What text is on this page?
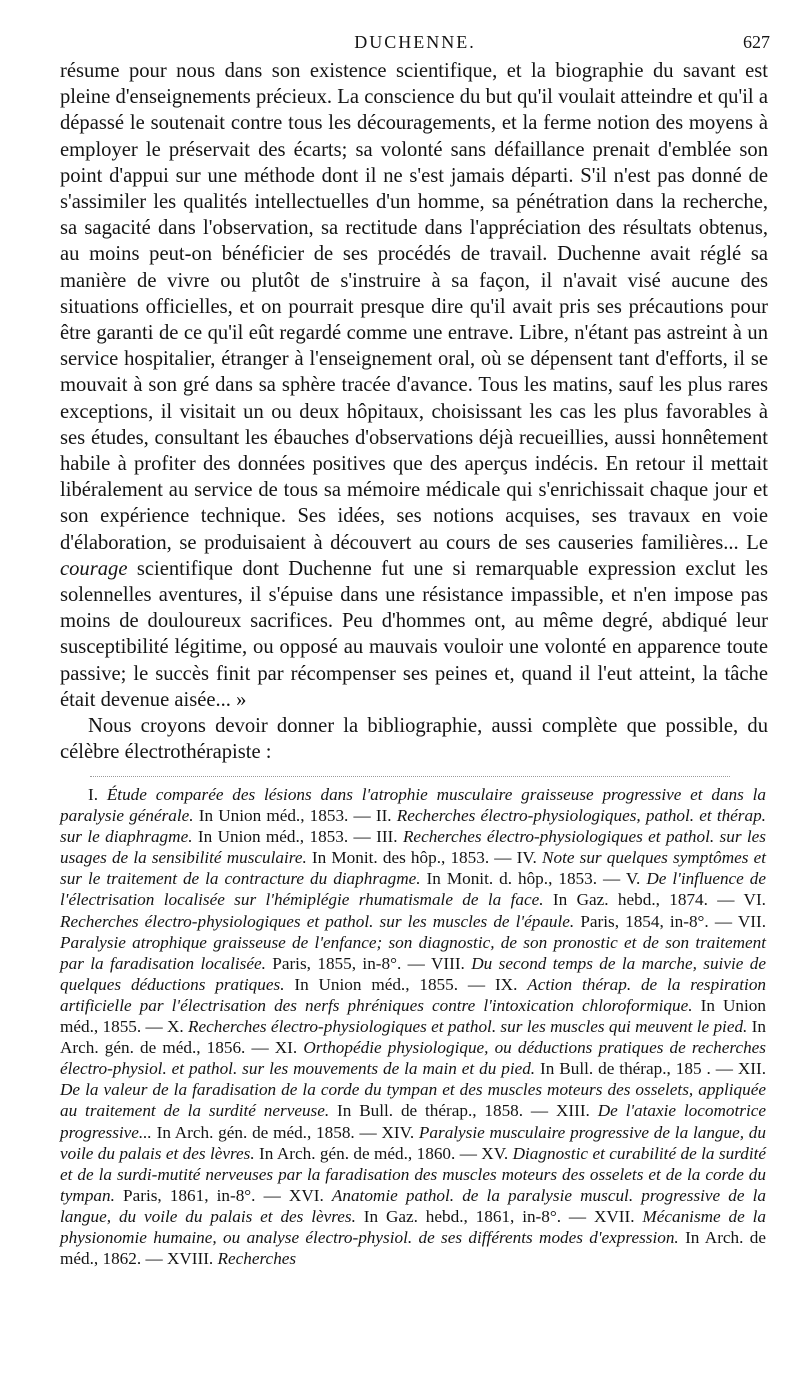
DUCHENNE.	627

résume pour nous dans son existence scientifique, et la biographie du savant est pleine d'enseignements précieux. La conscience du but qu'il voulait atteindre et qu'il a dépassé le soutenait contre tous les découragements, et la ferme notion des moyens à employer le préservait des écarts; sa volonté sans défaillance prenait d'emblée son point d'appui sur une méthode dont il ne s'est jamais départi. S'il n'est pas donné de s'assimiler les qualités intellectuelles d'un homme, sa pénétration dans la recherche, sa sagacité dans l'observation, sa rectitude dans l'appréciation des résultats obtenus, au moins peut-on bénéficier de ses procédés de travail. Duchenne avait réglé sa manière de vivre ou plutôt de s'instruire à sa façon, il n'avait visé aucune des situations officielles, et on pourrait presque dire qu'il avait pris ses précautions pour être garanti de ce qu'il eût regardé comme une entrave. Libre, n'étant pas astreint à un service hospitalier, étranger à l'enseignement oral, où se dépensent tant d'efforts, il se mouvait à son gré dans sa sphère tracée d'avance. Tous les matins, sauf les plus rares exceptions, il visitait un ou deux hôpitaux, choisissant les cas les plus favorables à ses études, consultant les ébauches d'observations déjà recueillies, aussi honnêtement habile à profiter des données positives que des aperçus indécis. En retour il mettait libéralement au service de tous sa mémoire médicale qui s'enrichissait chaque jour et son expérience technique. Ses idées, ses notions acquises, ses travaux en voie d'élaboration, se produisaient à découvert au cours de ses causeries familières... Le courage scientifique dont Duchenne fut une si remarquable expression exclut les solennelles aventures, il s'épuise dans une résistance impassible, et n'en impose pas moins de douloureux sacrifices. Peu d'hommes ont, au même degré, abdiqué leur susceptibilité légitime, ou opposé au mauvais vouloir une volonté en apparence toute passive; le succès finit par récompenser ses peines et, quand il l'eut atteint, la tâche était devenue aisée... »

Nous croyons devoir donner la bibliographie, aussi complète que possible, du célèbre électrothérapiste :

I. Étude comparée des lésions dans l'atrophie musculaire graisseuse progressive et dans la paralysie générale. In Union méd., 1853. — II. Recherches électro-physiologiques, pathol. et thérap. sur le diaphragme. In Union méd., 1853. — III. Recherches électro-physiologiques et pathol. sur les usages de la sensibilité musculaire. In Monit. des hôp., 1853. — IV. Note sur quelques symptômes et sur le traitement de la contracture du diaphragme. In Monit. d. hôp., 1853. — V. De l'influence de l'électrisation localisée sur l'hémiplégie rhumatismale de la face. In Gaz. hebd., 1874. — VI. Recherches électro-physiologiques et pathol. sur les muscles de l'épaule. Paris, 1854, in-8°. — VII. Paralysie atrophique graisseuse de l'enfance; son diagnostic, de son pronostic et de son traitement par la faradisation localisée. Paris, 1855, in-8°. — VIII. Du second temps de la marche, suivie de quelques déductions pratiques. In Union méd., 1855. — IX. Action thérap. de la respiration artificielle par l'électrisation des nerfs phréniques contre l'intoxication chloroformique. In Union méd., 1855. — X. Recherches électro-physiologiques et pathol. sur les muscles qui meuvent le pied. In Arch. gén. de méd., 1856. — XI. Orthopédie physiologique, ou déductions pratiques de recherches électro-physiol. et pathol. sur les mouvements de la main et du pied. In Bull. de thérap., 185 . — XII. De la valeur de la faradisation de la corde du tympan et des muscles moteurs des osselets, appliquée au traitement de la surdité nerveuse. In Bull. de thérap., 1858. — XIII. De l'ataxie locomotrice progressive... In Arch. gén. de méd., 1858. — XIV. Paralysie musculaire progressive de la langue, du voile du palais et des lèvres. In Arch. gén. de méd., 1860. — XV. Diagnostic et curabilité de la surdité et de la surdi-mutité nerveuses par la faradisation des muscles moteurs des osselets et de la corde du tympan. Paris, 1861, in-8°. — XVI. Anatomie pathol. de la paralysie muscul. progressive de la langue, du voile du palais et des lèvres. In Gaz. hebd., 1861, in-8°. — XVII. Mécanisme de la physionomie humaine, ou analyse électro-physiol. de ses différents modes d'expression. In Arch. de méd., 1862. — XVIII. Recherches
